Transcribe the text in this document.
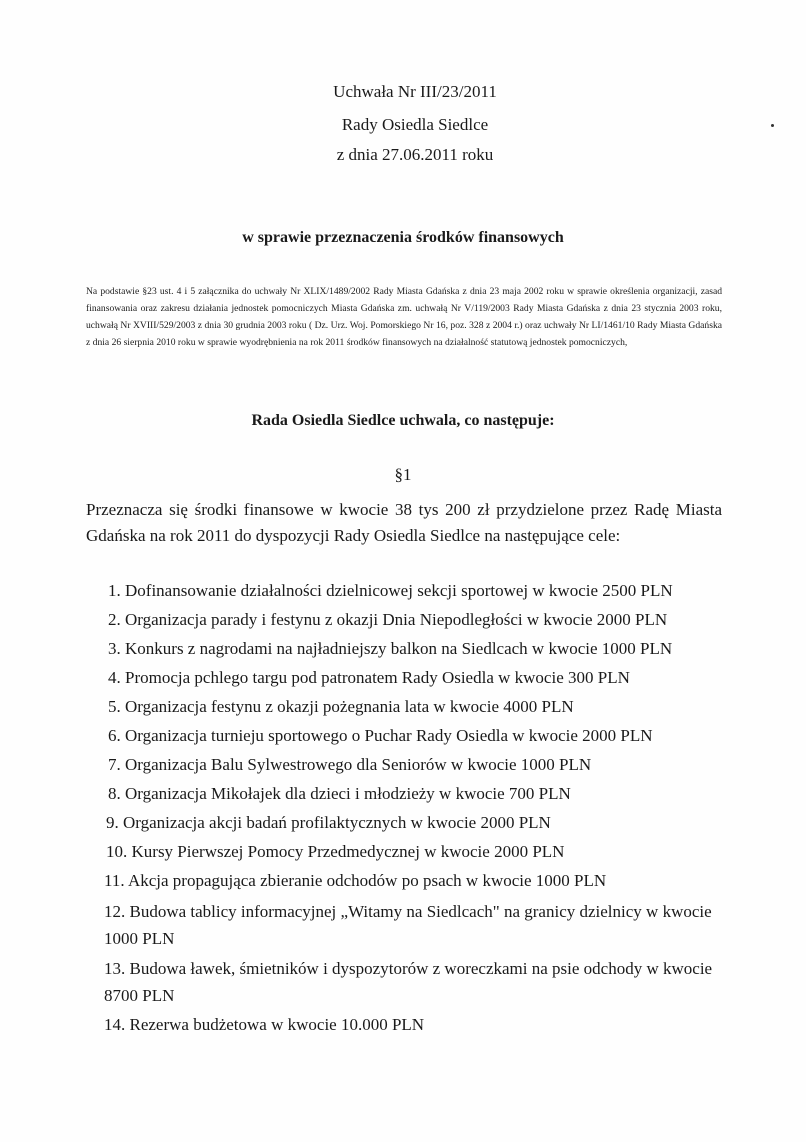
Uchwała Nr III/23/2011
Rady Osiedla Siedlce
z dnia 27.06.2011 roku
w sprawie przeznaczenia środków finansowych
Na podstawie §23 ust. 4 i 5 załącznika do uchwały Nr XLIX/1489/2002 Rady Miasta Gdańska z dnia 23 maja 2002 roku w sprawie określenia organizacji, zasad finansowania oraz zakresu działania jednostek pomocniczych Miasta Gdańska zm. uchwałą Nr V/119/2003 Rady Miasta Gdańska z dnia 23 stycznia 2003 roku, uchwałą Nr XVIII/529/2003 z dnia 30 grudnia 2003 roku ( Dz. Urz. Woj. Pomorskiego Nr 16, poz. 328 z 2004 r.) oraz uchwały Nr LI/1461/10 Rady Miasta Gdańska z dnia 26 sierpnia 2010 roku w sprawie wyodrębnienia na rok 2011 środków finansowych na działalność statutową jednostek pomocniczych,
Rada Osiedla Siedlce uchwala, co następuje:
§1
Przeznacza się środki finansowe w kwocie 38 tys 200 zł przydzielone przez Radę Miasta Gdańska na rok 2011 do dyspozycji Rady Osiedla Siedlce na następujące cele:
1. Dofinansowanie działalności dzielnicowej sekcji sportowej w kwocie 2500 PLN
2. Organizacja parady i festynu z okazji Dnia Niepodległości w kwocie 2000 PLN
3. Konkurs z nagrodami na najładniejszy balkon na Siedlcach w kwocie 1000 PLN
4. Promocja pchlego targu pod patronatem Rady Osiedla w kwocie 300 PLN
5. Organizacja festynu z okazji pożegnania lata w kwocie 4000 PLN
6. Organizacja turnieju sportowego o Puchar Rady Osiedla w kwocie 2000 PLN
7. Organizacja Balu Sylwestrowego dla Seniorów w kwocie 1000 PLN
8. Organizacja Mikołajek dla dzieci i młodzieży w kwocie 700 PLN
9. Organizacja akcji badań profilaktycznych w kwocie 2000 PLN
10. Kursy Pierwszej Pomocy Przedmedycznej w kwocie 2000 PLN
11. Akcja propagująca zbieranie odchodów po psach w kwocie 1000 PLN
12. Budowa tablicy informacyjnej „Witamy na Siedlcach" na granicy dzielnicy w kwocie
1000 PLN
13. Budowa ławek, śmietników i dyspozytorów z woreczkami na psie odchody w kwocie
8700 PLN
14. Rezerwa budżetowa w kwocie 10.000 PLN
